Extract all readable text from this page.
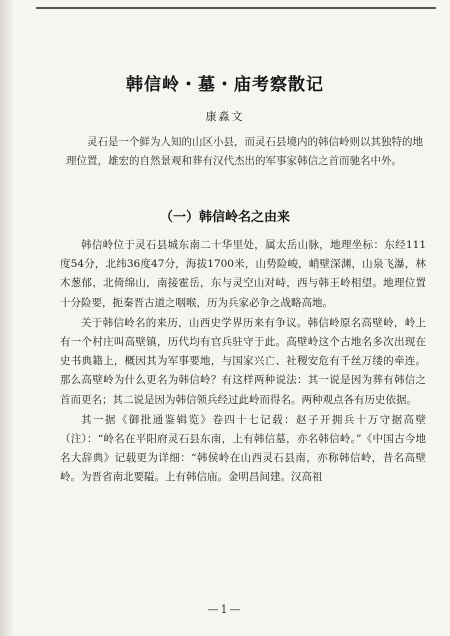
韩信岭・墓・庙考察散记
康淼文

灵石是一个鲜为人知的山区小县，而灵石县境内的韩信岭则以其独特的地理位置，雄宏的自然景观和葬有汉代杰出的军事家韩信之首而驰名中外。

（一）韩信岭名之由来

韩信岭位于灵石县城东南二十华里处，属太岳山脉，地理坐标：东经111度54分，北纬36度47分，海拔1700米，山势险峻，峭壁深渊，山泉飞瀑，林木葱郁，北倚绵山，南接霍岳，东与灵空山对峙，西与韩王岭相望。地理位置十分险要，扼秦晋古道之咽喉，历为兵家必争之战略高地。

关于韩信岭名的来历，山西史学界历来有争议。韩信岭原名高壁岭，岭上有一个村庄叫高壁镇，历代均有官兵驻守于此。高壁岭这个古地名多次出现在史书典籍上，概因其为军事要地，与国家兴亡、社稷安危有千丝万缕的牵连。那么高壁岭为什么更名为韩信岭？有这样两种说法：其一说是因为葬有韩信之首而更名；其二说是因为韩信领兵经过此岭而得名。两种观点各有历史依据。

其一据《御批通鉴辑览》卷四十七记载：赵子开拥兵十万守据高壁（注）：“岭名在平阳府灵石县东南，上有韩信墓，亦名韩信岭。”《中国古今地名大辞典》记载更为详细：“韩侯岭在山西灵石县南，亦称韩信岭，昔名高壁岭。为晋省南北要隘。上有韩信庙。金明昌间建。汉高祖

—1—
